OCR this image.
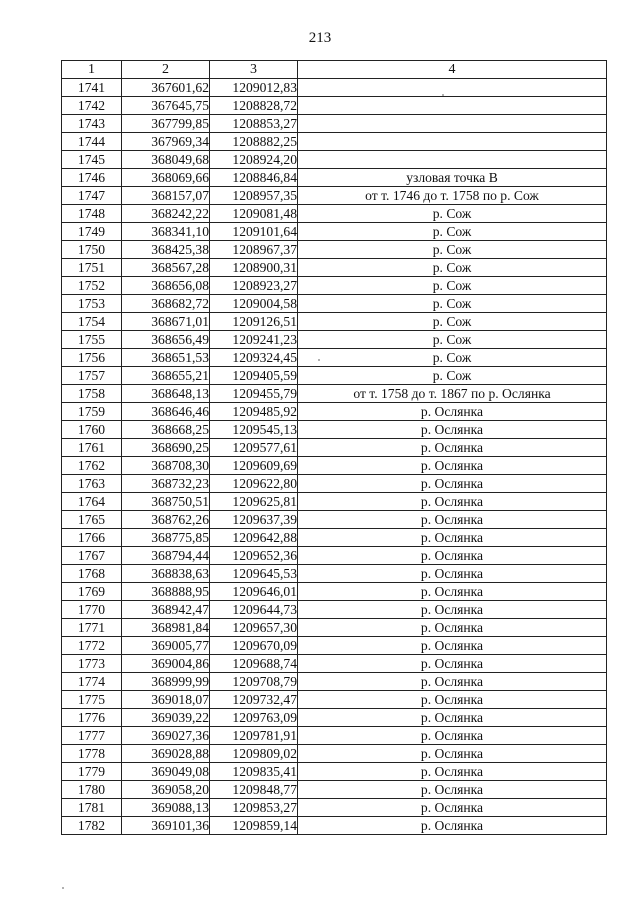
213
1	2	3	4
1741	367601,62	1209012,83	
1742	367645,75	1208828,72	
1743	367799,85	1208853,27	
1744	367969,34	1208882,25	
1745	368049,68	1208924,20	
1746	368069,66	1208846,84	узловая точка В
1747	368157,07	1208957,35	от т. 1746 до т. 1758 по р. Сож
1748	368242,22	1209081,48	р. Сож
1749	368341,10	1209101,64	р. Сож
1750	368425,38	1208967,37	р. Сож
1751	368567,28	1208900,31	р. Сож
1752	368656,08	1208923,27	р. Сож
1753	368682,72	1209004,58	р. Сож
1754	368671,01	1209126,51	р. Сож
1755	368656,49	1209241,23	р. Сож
1756	368651,53	1209324,45	р. Сож
1757	368655,21	1209405,59	р. Сож
1758	368648,13	1209455,79	от т. 1758 до т. 1867 по р. Ослянка
1759	368646,46	1209485,92	р. Ослянка
1760	368668,25	1209545,13	р. Ослянка
1761	368690,25	1209577,61	р. Ослянка
1762	368708,30	1209609,69	р. Ослянка
1763	368732,23	1209622,80	р. Ослянка
1764	368750,51	1209625,81	р. Ослянка
1765	368762,26	1209637,39	р. Ослянка
1766	368775,85	1209642,88	р. Ослянка
1767	368794,44	1209652,36	р. Ослянка
1768	368838,63	1209645,53	р. Ослянка
1769	368888,95	1209646,01	р. Ослянка
1770	368942,47	1209644,73	р. Ослянка
1771	368981,84	1209657,30	р. Ослянка
1772	369005,77	1209670,09	р. Ослянка
1773	369004,86	1209688,74	р. Ослянка
1774	368999,99	1209708,79	р. Ослянка
1775	369018,07	1209732,47	р. Ослянка
1776	369039,22	1209763,09	р. Ослянка
1777	369027,36	1209781,91	р. Ослянка
1778	369028,88	1209809,02	р. Ослянка
1779	369049,08	1209835,41	р. Ослянка
1780	369058,20	1209848,77	р. Ослянка
1781	369088,13	1209853,27	р. Ослянка
1782	369101,36	1209859,14	р. Ослянка
